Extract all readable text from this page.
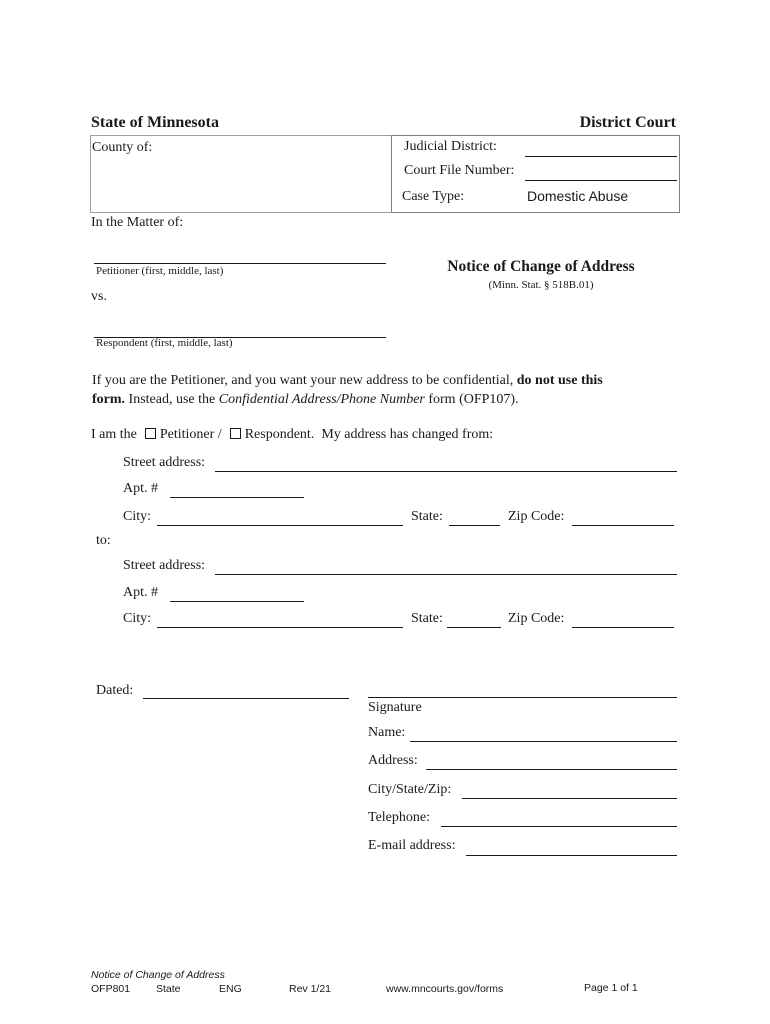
State of Minnesota	District Court
County of:	Judicial District:
Court File Number:
Case Type:	Domestic Abuse
In the Matter of:
Petitioner (first, middle, last)
vs.
Respondent (first, middle, last)
Notice of Change of Address
(Minn. Stat. § 518B.01)
If you are the Petitioner, and you want your new address to be confidential, do not use this
form. Instead, use the Confidential Address/Phone Number form (OFP107).
I am the Petitioner / Respondent. My address has changed from:
Street address:
Apt. #
City:	State:	Zip Code:
to:
Street address:
Apt. #
City:	State:	Zip Code:
Dated:
Signature
Name:
Address:
City/State/Zip:
Telephone:
E-mail address:
Notice of Change of Address
OFP801 State	ENG	Rev 1/21	www.mncourts.gov/forms	Page 1 of 1
